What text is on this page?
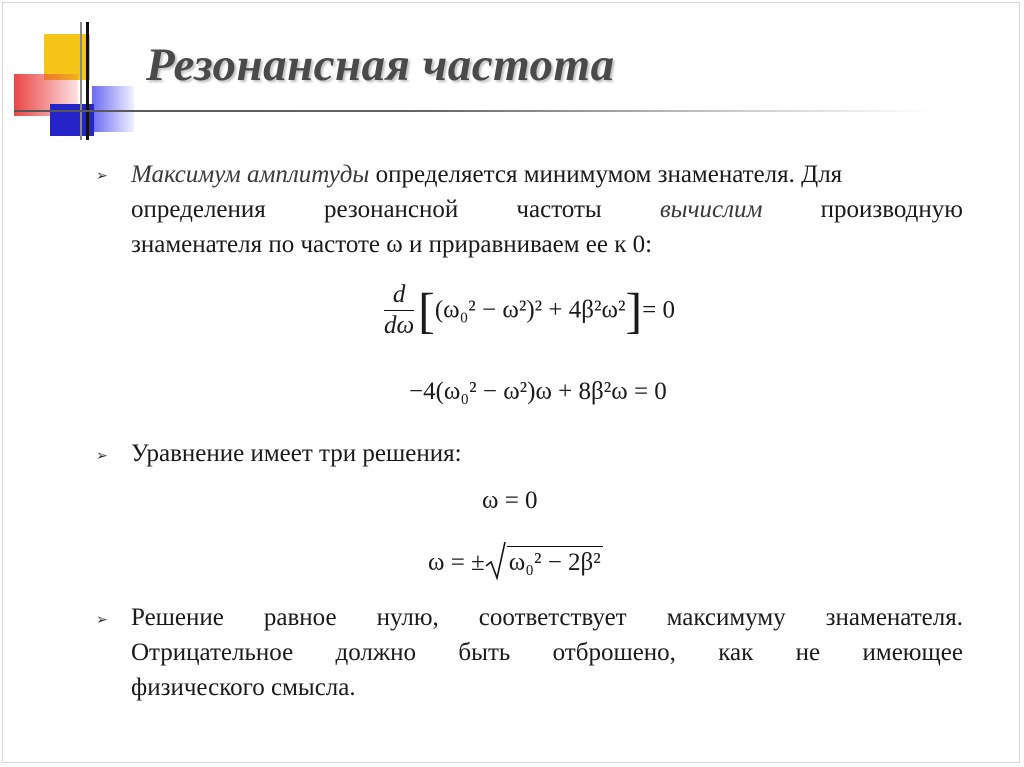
Резонансная частота
➢ Максимум амплитуды определяется минимумом знаменателя. Для
определения резонансной частоты вычислим производную
знаменателя по частоте ω и приравниваем ее к 0:
$\frac{d}{d\omega} [(\omega_0^2 - \omega^2)^2 + 4\beta^2\omega^2]= 0$
−4(ω₀² − ω²)ω + 8β²ω = 0
➢ Уравнение имеет три решения:
ω = 0
ω = ± ω₀² − 2β²
➢ Решение равное нулю, соответствует максимуму знаменателя.
Отрицательное должно быть отброшено, как не имеющее
физического смысла.
